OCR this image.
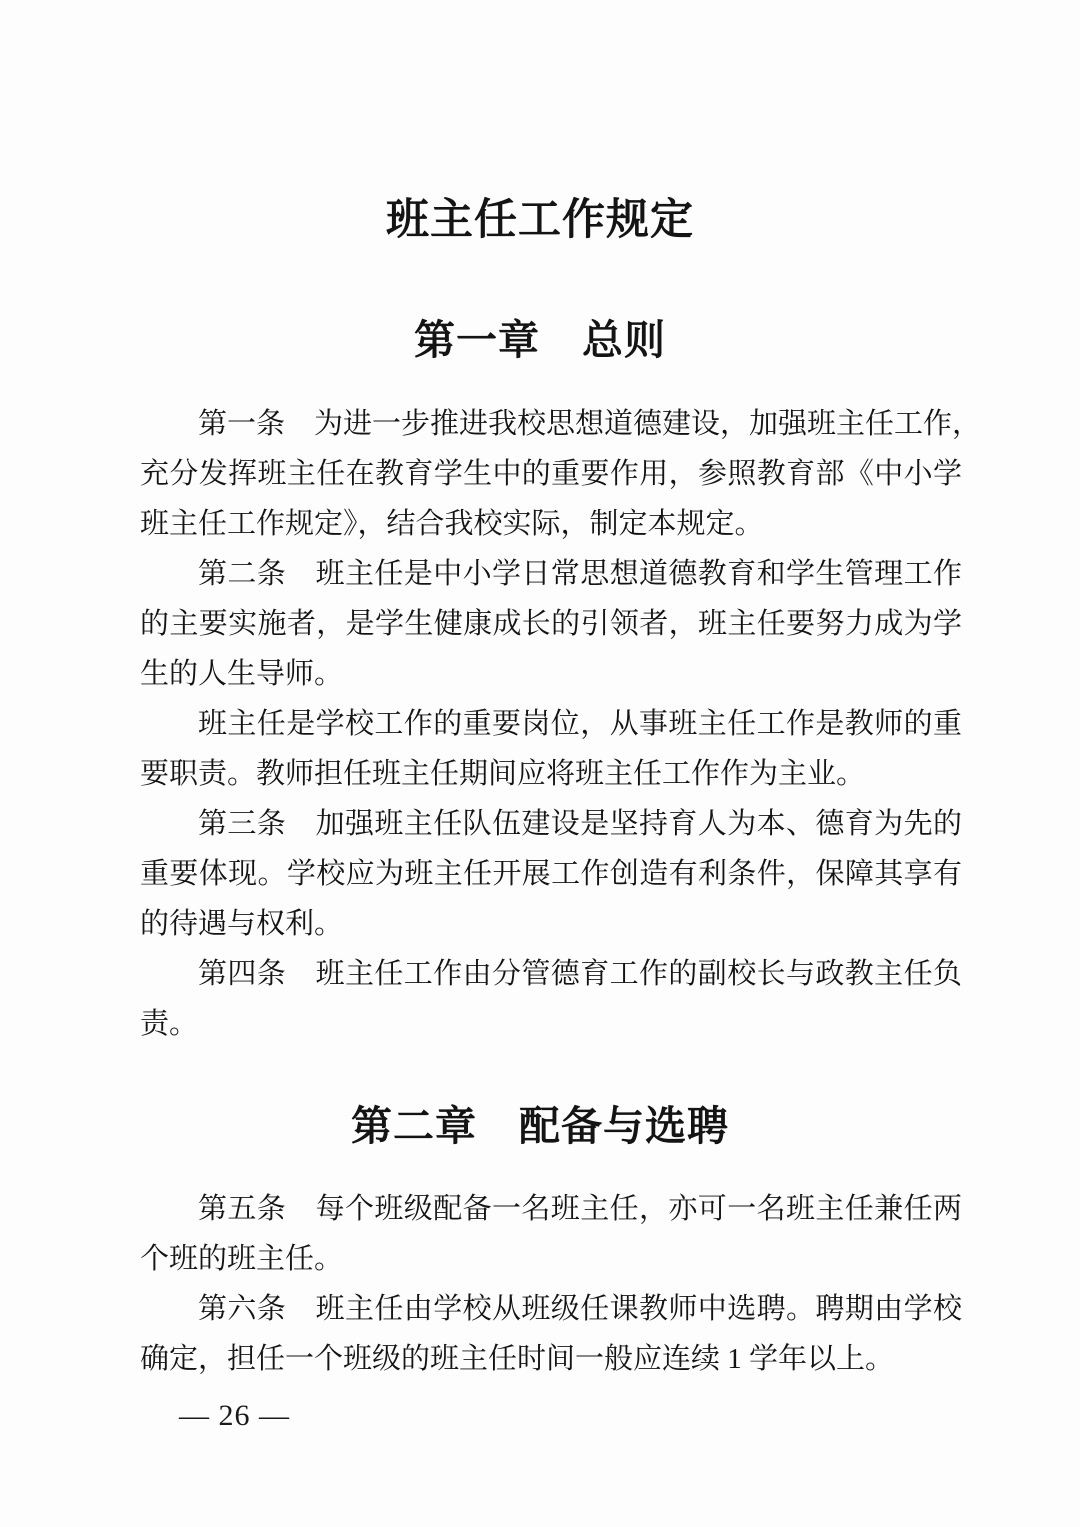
班主任工作规定
第一章　总则
第一条　为进一步推进我校思想道德建设，加强班主任工作，
充分发挥班主任在教育学生中的重要作用，参照教育部《中小学
班主任工作规定》，结合我校实际，制定本规定。
第二条　班主任是中小学日常思想道德教育和学生管理工作
的主要实施者，是学生健康成长的引领者，班主任要努力成为学
生的人生导师。
班主任是学校工作的重要岗位，从事班主任工作是教师的重
要职责。教师担任班主任期间应将班主任工作作为主业。
第三条　加强班主任队伍建设是坚持育人为本、德育为先的
重要体现。学校应为班主任开展工作创造有利条件，保障其享有
的待遇与权利。
第四条　班主任工作由分管德育工作的副校长与政教主任负
责。
第二章　配备与选聘
第五条　每个班级配备一名班主任，亦可一名班主任兼任两
个班的班主任。
第六条　班主任由学校从班级任课教师中选聘。聘期由学校
确定，担任一个班级的班主任时间一般应连续 1 学年以上。
— 26 —
